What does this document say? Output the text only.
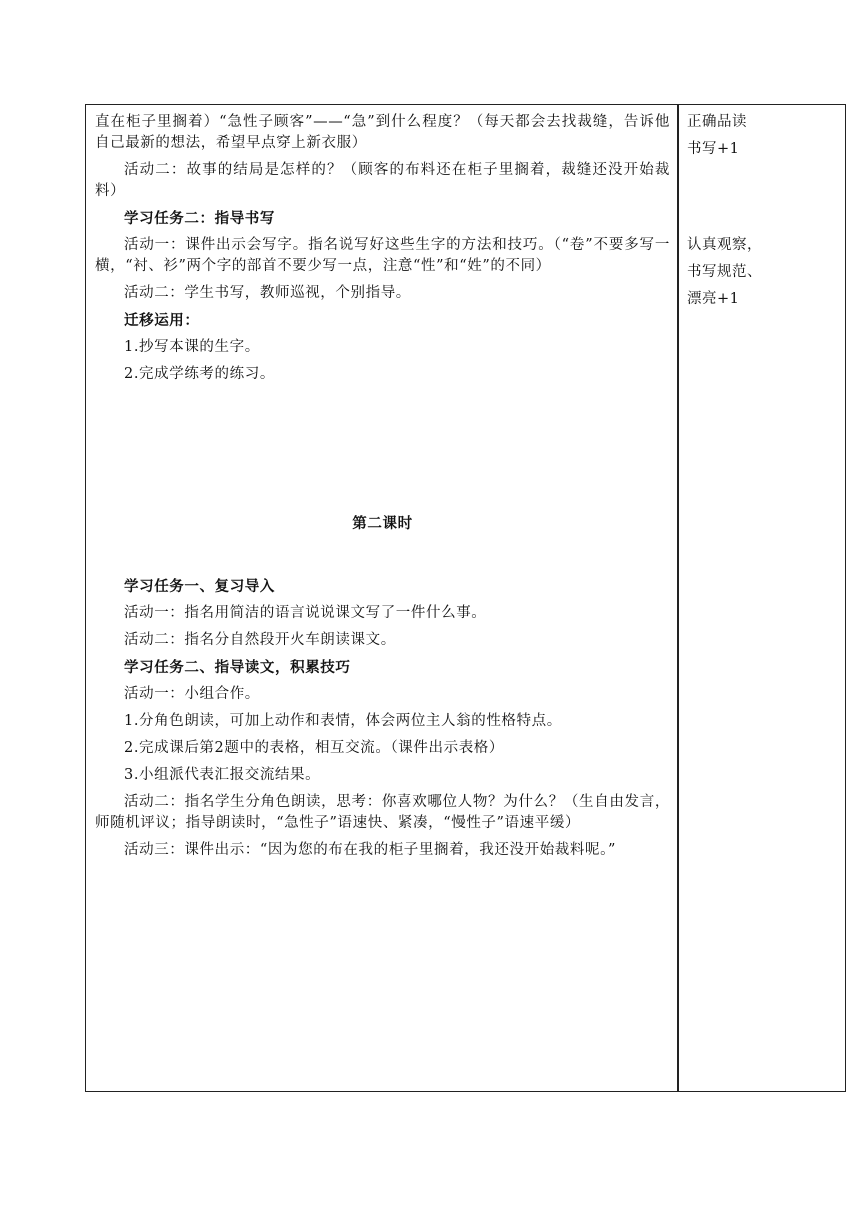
直在柜子里搁着）“急性子顾客”——“急”到什么程度？（每天都会去找裁缝，告诉他自己最新的想法，希望早点穿上新衣服）

活动二：故事的结局是怎样的？（顾客的布料还在柜子里搁着，裁缝还没开始裁料）

学习任务二：指导书写

活动一：课件出示会写字。指名说写好这些生字的方法和技巧。（“卷”不要多写一横，“衬、衫”两个字的部首不要少写一点，注意“性”和“姓”的不同）

活动二：学生书写，教师巡视，个别指导。

迁移运用：

1.抄写本课的生字。

2.完成学练考的练习。

第二课时

学习任务一、复习导入

活动一：指名用简洁的语言说说课文写了一件什么事。

活动二：指名分自然段开火车朗读课文。

学习任务二、指导读文，积累技巧

活动一：小组合作。

1.分角色朗读，可加上动作和表情，体会两位主人翁的性格特点。

2.完成课后第2题中的表格，相互交流。（课件出示表格）

3.小组派代表汇报交流结果。

活动二：指名学生分角色朗读，思考：你喜欢哪位人物？为什么？（生自由发言，师随机评议；指导朗读时，“急性子”语速快、紧凑，“慢性子”语速平缓）

活动三：课件出示：“因为您的布在我的柜子里搁着，我还没开始裁料呢。”

正确品读

书写+1

认真观察，

书写规范、

漂亮+1
